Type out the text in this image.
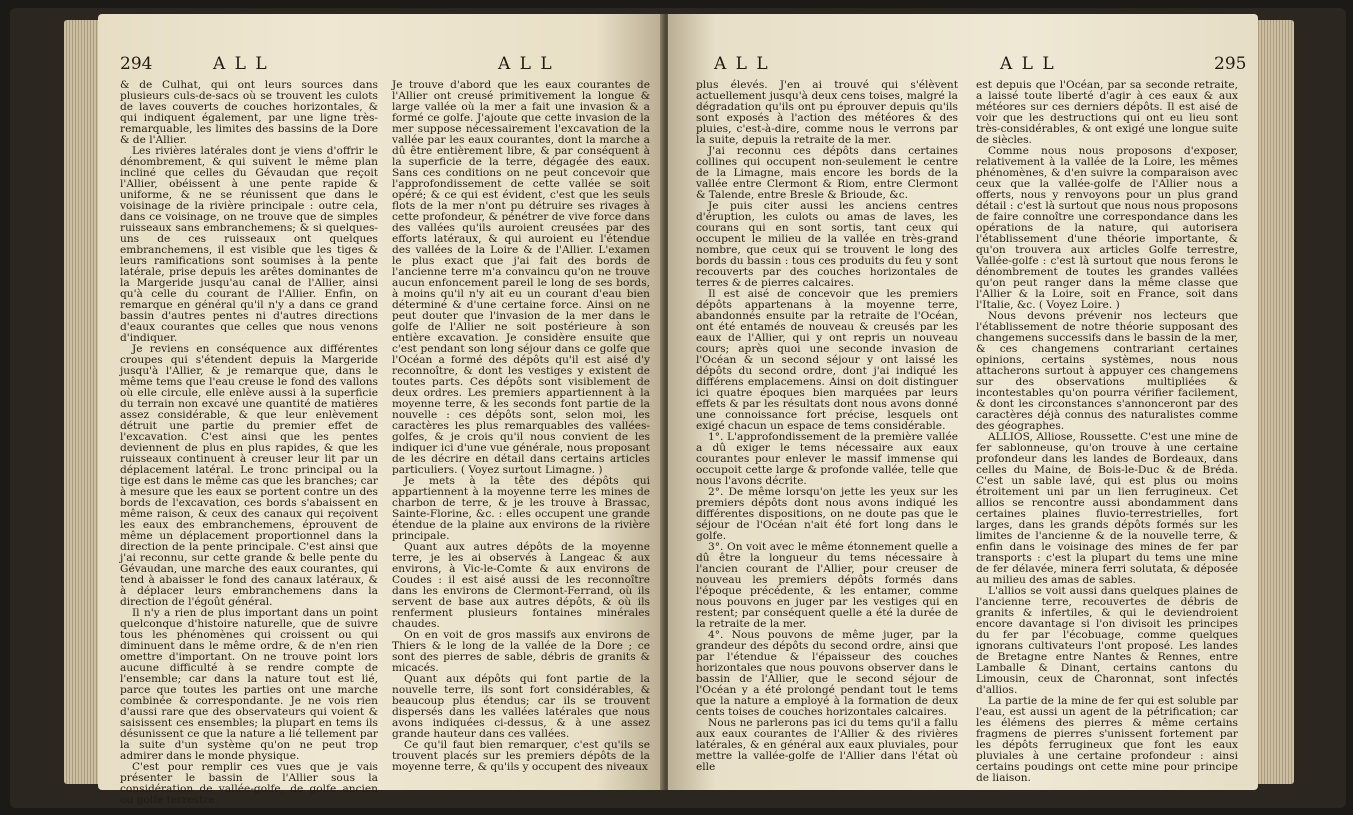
294	A L L	A L L

& de Culhat, qui ont leurs sources dans plusieurs culs-de-sacs où se trouvent les culots de laves couverts de couches horizontales, & qui indiquent également, par une ligne très-remarquable, les limites des bassins de la Dore & de l'Allier.

Les rivières latérales dont je viens d'offrir le dénombrement, & qui suivent le même plan incliné que celles du Gévaudan que reçoit l'Allier, obéissent à une pente rapide & uniforme, & ne se réunissent que dans le voisinage de la rivière principale : outre cela, dans ce voisinage, on ne trouve que de simples ruisseaux sans embranchemens; & si quelques-uns de ces ruisseaux ont quelques embranchemens, il est visible que les tiges & leurs ramifications sont soumises à la pente latérale, prise depuis les arêtes dominantes de la Margeride jusqu'au canal de l'Allier, ainsi qu'à celle du courant de l'Allier. Enfin, on remarque en général qu'il n'y a dans ce grand bassin d'autres pentes ni d'autres directions d'eaux courantes que celles que nous venons d'indiquer.

Je reviens en conséquence aux différentes croupes qui s'étendent depuis la Margeride jusqu'à l'Allier, & je remarque que, dans le même tems que l'eau creuse le fond des vallons où elle circule, elle enlève aussi à la superficie du terrain non excavé une quantité de matières assez considérable, & que leur enlèvement détruit une partie du premier effet de l'excavation. C'est ainsi que les pentes deviennent de plus en plus rapides, & que les ruisseaux continuent à creuser leur lit par un déplacement latéral. Le tronc principal ou la tige est dans le même cas que les branches; car à mesure que les eaux se portent contre un des bords de l'excavation, ces bords s'abaissent en même raison, & ceux des canaux qui reçoivent les eaux des embranchemens, éprouvent de même un déplacement proportionnel dans la direction de la pente principale. C'est ainsi que j'ai reconnu, sur cette grande & belle pente du Gévaudan, une marche des eaux courantes, qui tend à abaisser le fond des canaux latéraux, & à déplacer leurs embranchemens dans la direction de l'égoût général.

Il n'y a rien de plus important dans un point quelconque d'histoire naturelle, que de suivre tous les phénomènes qui croissent ou qui diminuent dans le même ordre, & de n'en rien omettre d'important. On ne trouve point lors aucune difficulté à se rendre compte de l'ensemble; car dans la nature tout est lié, parce que toutes les parties ont une marche combinée & correspondante. Je ne vois rien d'aussi rare que des observateurs qui voient & saisissent ces ensembles; la plupart en tems ils désunissent ce que la nature a lié tellement par la suite d'un système qu'on ne peut trop admirer dans le monde physique.

C'est pour remplir ces vues que je vais présenter le bassin de l'Allier sous la considération de vallée-golfe, de golfe ancien ou golfe terrestre.

Je trouve d'abord que les eaux courantes de l'Allier ont creusé primitivement la longue & large vallée où la mer a fait une invasion & a formé ce golfe. J'ajoute que cette invasion de la mer suppose nécessairement l'excavation de la vallée par les eaux courantes, dont la marche a dû être entièrement libre, & par conséquent à la superficie de la terre, dégagée des eaux. Sans ces conditions on ne peut concevoir que l'approfondissement de cette vallée se soit opéré; & ce qui est évident, c'est que les seuls flots de la mer n'ont pu détruire ses rivages à cette profondeur, & pénétrer de vive force dans des vallées qu'ils auroient creusées par des efforts latéraux, & qui auroient eu l'étendue des vallées de la Loire & de l'Allier. L'examen le plus exact que j'ai fait des bords de l'ancienne terre m'a convaincu qu'on ne trouve aucun enfoncement pareil le long de ses bords, à moins qu'il n'y ait eu un courant d'eau bien déterminé & d'une certaine force. Ainsi on ne peut douter que l'invasion de la mer dans le golfe de l'Allier ne soit postérieure à son entière excavation. Je considère ensuite que c'est pendant son long séjour dans ce golfe que l'Océan a formé des dépôts qu'il est aisé d'y reconnoître, & dont les vestiges y existent de toutes parts. Ces dépôts sont visiblement de deux ordres. Les premiers appartiennent à la moyenne terre, & les seconds font partie de la nouvelle : ces dépôts sont, selon moi, les caractères les plus remarquables des vallées-golfes, & je crois qu'il nous convient de les indiquer ici d'une vue générale, nous proposant de les décrire en détail dans certains articles particuliers. ( Voyez surtout Limagne. )

Je mets à la tête des dépôts qui appartiennent à la moyenne terre les mines de charbon de terre, & je les trouve à Brassac, Sainte-Florine, &c. : elles occupent une grande étendue de la plaine aux environs de la rivière principale.

Quant aux autres dépôts de la moyenne terre, je les ai observés à Langeac & aux environs, à Vic-le-Comte & aux environs de Coudes : il est aisé aussi de les reconnoître dans les environs de Clermont-Ferrand, où ils servent de base aux autres dépôts, & où ils renferment plusieurs fontaines minérales chaudes.

On en voit de gros massifs aux environs de Thiers & le long de la vallée de la Dore ; ce sont des pierres de sable, débris de granits & micacés.

Quant aux dépôts qui font partie de la nouvelle terre, ils sont fort considérables, & beaucoup plus étendus; car ils se trouvent dispersés dans les vallées latérales que nous avons indiquées ci-dessus, & à une assez grande hauteur dans ces vallées.

Ce qu'il faut bien remarquer, c'est qu'ils se trouvent placés sur les premiers dépôts de la moyenne terre, & qu'ils y occupent des niveaux

A L L	A L L	295

plus élevés. J'en ai trouvé qui s'élèvent actuellement jusqu'à deux cens toises, malgré la dégradation qu'ils ont pu éprouver depuis qu'ils sont exposés à l'action des météores & des pluies, c'est-à-dire, comme nous le verrons par la suite, depuis la retraite de la mer.

J'ai reconnu ces dépôts dans certaines collines qui occupent non-seulement le centre de la Limagne, mais encore les bords de la vallée entre Clermont & Riom, entre Clermont & Talende, entre Bresle & Brioude, &c.

Je puis citer aussi les anciens centres d'éruption, les culots ou amas de laves, les courans qui en sont sortis, tant ceux qui occupent le milieu de la vallée en très-grand nombre, que ceux qui se trouvent le long des bords du bassin : tous ces produits du feu y sont recouverts par des couches horizontales de terres & de pierres calcaires.

Il est aisé de concevoir que les premiers dépôts appartenans à la moyenne terre, abandonnés ensuite par la retraite de l'Océan, ont été entamés de nouveau & creusés par les eaux de l'Allier, qui y ont repris un nouveau cours; après quoi une seconde invasion de l'Océan & un second séjour y ont laissé les dépôts du second ordre, dont j'ai indiqué les différens emplacemens. Ainsi on doit distinguer ici quatre époques bien marquées par leurs effets & par les résultats dont nous avons donné une connoissance fort précise, lesquels ont exigé chacun un espace de tems considérable.

1°. L'approfondissement de la première vallée a dû exiger le tems nécessaire aux eaux courantes pour enlever le massif immense qui occupoit cette large & profonde vallée, telle que nous l'avons décrite.

2°. De même lorsqu'on jette les yeux sur les premiers dépôts dont nous avons indiqué les différentes dispositions, on ne doute pas que le séjour de l'Océan n'ait été fort long dans le golfe.

3°. On voit avec le même étonnement quelle a dû être la longueur du tems nécessaire à l'ancien courant de l'Allier, pour creuser de nouveau les premiers dépôts formés dans l'époque précédente, & les entamer, comme nous pouvons en juger par les vestiges qui en restent; par conséquent quelle a été la durée de la retraite de la mer.

4°. Nous pouvons de même juger, par la grandeur des dépôts du second ordre, ainsi que par l'étendue & l'épaisseur des couches horizontales que nous pouvons observer dans le bassin de l'Allier, que le second séjour de l'Océan y a été prolongé pendant tout le tems que la nature a employé à la formation de deux cents toises de couches horizontales calcaires.

Nous ne parlerons pas ici du tems qu'il a fallu aux eaux courantes de l'Allier & des rivières latérales, & en général aux eaux pluviales, pour mettre la vallée-golfe de l'Allier dans l'état où elle

est depuis que l'Océan, par sa seconde retraite, a laissé toute liberté d'agir à ces eaux & aux météores sur ces derniers dépôts. Il est aisé de voir que les destructions qui ont eu lieu sont très-considérables, & ont exigé une longue suite de siècles.

Comme nous nous proposons d'exposer, relativement à la vallée de la Loire, les mêmes phénomènes, & d'en suivre la comparaison avec ceux que la vallée-golfe de l'Allier nous a offerts, nous y renvoyons pour un plus grand détail : c'est là surtout que nous nous proposons de faire connoître une correspondance dans les opérations de la nature, qui autorisera l'établissement d'une théorie importante, & qu'on trouvera aux articles Golfe terrestre, Vallée-golfe : c'est là surtout que nous ferons le dénombrement de toutes les grandes vallées qu'on peut ranger dans la même classe que l'Allier & la Loire, soit en France, soit dans l'Italie, &c. ( Voyez Loire. )

Nous devons prévenir nos lecteurs que l'établissement de notre théorie supposant des changemens successifs dans le bassin de la mer, & ces changemens contrariant certaines opinions, certains systèmes, nous nous attacherons surtout à appuyer ces changemens sur des observations multipliées & incontestables qu'on pourra vérifier facilement, & dont les circonstances s'annonceront par des caractères déjà connus des naturalistes comme des géographes.

ALLIOS, Alliose, Roussette. C'est une mine de fer sablonneuse, qu'on trouve à une certaine profondeur dans les landes de Bordeaux, dans celles du Maine, de Bois-le-Duc & de Bréda. C'est un sable lavé, qui est plus ou moins étroitement uni par un lien ferrugineux. Cet allios se rencontre aussi abondamment dans certaines plaines fluvio-terrestrielles, fort larges, dans les grands dépôts formés sur les limites de l'ancienne & de la nouvelle terre, & enfin dans le voisinage des mines de fer par transports : c'est la plupart du tems une mine de fer délavée, minera ferri solutata, & déposée au milieu des amas de sables.

L'allios se voit aussi dans quelques plaines de l'ancienne terre, recouvertes de débris de granits & infertiles, & qui le deviendroient encore davantage si l'on divisoit les principes du fer par l'écobuage, comme quelques ignorans cultivateurs l'ont proposé. Les landes de Bretagne entre Nantes & Rennes, entre Lamballe & Dinant, certains cantons du Limousin, ceux de Charonnat, sont infectés d'allios.

La partie de la mine de fer qui est soluble par l'eau, est aussi un agent de la pétrification; car les élémens des pierres & même certains fragmens de pierres s'unissent fortement par les dépôts ferrugineux que font les eaux pluviales à une certaine profondeur : ainsi certains poudings ont cette mine pour principe de liaison.
